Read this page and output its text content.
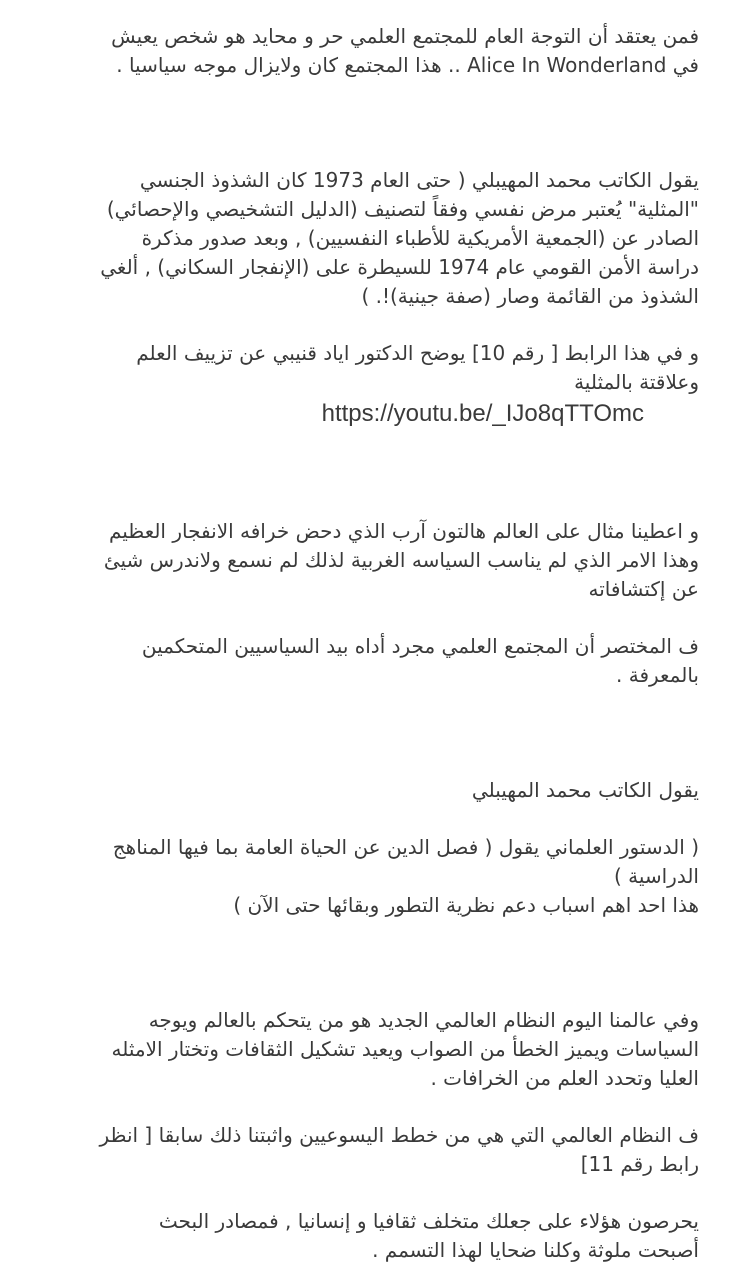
فمن يعتقد أن التوجة العام للمجتمع العلمي حر و محايد هو شخص يعيش
في Alice In Wonderland .. هذا المجتمع كان ولايزال موجه سياسيا .

يقول الكاتب محمد المهيبلي ( حتى العام 1973 كان الشذوذ الجنسي
"المثلية" يُعتبر مرض نفسي وفقاً لتصنيف (الدليل التشخيصي والإحصائي)
الصادر عن (الجمعية الأمريكية للأطباء النفسيين) , وبعد صدور مذكرة
دراسة الأمن القومي عام 1974 للسيطرة على (الإنفجار السكاني) , ألغي
الشذوذ من القائمة وصار (صفة جينية)!. )

و في هذا الرابط [ رقم 10] يوضح الدكتور اياد قنيبي عن تزييف العلم
وعلاقتة بالمثلية
https://youtu.be/_IJo8qTTOmc

و اعطينا مثال على العالم هالتون آرب الذي دحض خرافه الانفجار العظيم
وهذا الامر الذي لم يناسب السياسه الغربية لذلك لم نسمع ولاندرس شيئ
عن إكتشافاته

ف المختصر أن المجتمع العلمي مجرد أداه بيد السياسيين المتحكمين
بالمعرفة .

يقول الكاتب محمد المهيبلي

( الدستور العلماني يقول ( فصل الدين عن الحياة العامة بما فيها المناهج
الدراسية )
هذا احد اهم اسباب دعم نظرية التطور وبقائها حتى الآن )

وفي عالمنا اليوم النظام العالمي الجديد هو من يتحكم بالعالم ويوجه
السياسات ويميز الخطأ من الصواب ويعيد تشكيل الثقافات وتختار الامثله
العليا وتحدد العلم من الخرافات .

ف النظام العالمي التي هي من خطط اليسوعيين واثبتنا ذلك سابقا [ انظر
رابط رقم 11]

يحرصون هؤلاء على جعلك متخلف ثقافيا و إنسانيا , فمصادر البحث
أصبحت ملوثة وكلنا ضحايا لهذا التسمم .
